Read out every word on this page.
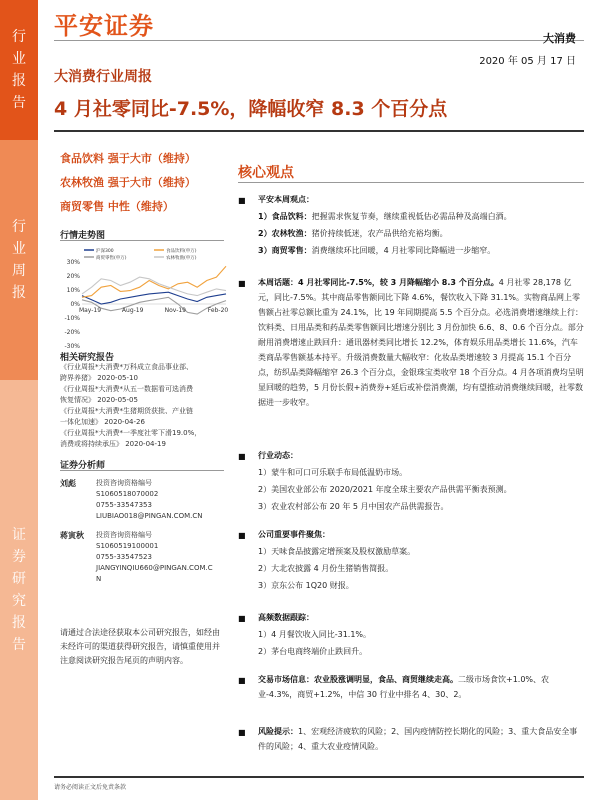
行
业
报
告
行
业
周
报
证
券
研
究
报
告
平安证券	大消费
2020 年 05 月 17 日
大消费行业周报
4 月社零同比-7.5%，降幅收窄 8.3 个百分点
食品饮料 强于大市（维持）
农林牧渔 强于大市（维持）
商贸零售 中性（维持）
行情走势图
沪深300	食品饮料(申万)
商贸零售(申万)	农林牧渔(申万)
30%
20%
10%
0%
-10%
-20%
-30%
May-19	Aug-19	Nov-19	Feb-20
相关研究报告
《行业周报*大消费*万科成立食品事业部、
跨界养猪》 2020-05-10
《行业周报*大消费*从五一数据看可选消费
恢复情况》 2020-05-05
《行业周报*大消费*生猪期货获批、产业链
一体化加速》 2020-04-26
《行业周报*大消费*一季度社零下滑19.0%，
消费或将持续承压》 2020-04-19
证券分析师
刘彪	投资咨询资格编号
S1060518070002
0755-33547353
LIUBIAO018@PINGAN.COM.CN
蒋寅秋 投资咨询资格编号
S1060519100001
0755-33547523
JIANGYINQIU660@PINGAN.COM.C
N
请通过合法途径获取本公司研究报告，如经由未经许可的渠道获得研究报告，请慎重使用并注意阅读研究报告尾页的声明内容。
核心观点
■ 平安本周观点：
1）食品饮料：把握需求恢复节奏，继续重视低估必需品种及高端白酒。
2）农林牧渔：猪价持续低迷，农产品供给充裕均衡。
3）商贸零售：消费继续环比回暖，4 月社零同比降幅进一步缩窄。
■ 本周话题：4 月社零同比-7.5%，较 3 月降幅缩小 8.3 个百分点。4 月社零 28,178 亿元，同比-7.5%。其中商品零售额同比下降 4.6%，餐饮收入下降 31.1%。实物商品网上零售额占社零总额比重为 24.1%，比 19 年同期提高 5.5 个百分点。必选消费增速继续上行：饮料类、日用品类和药品类零售额同比增速分别比 3 月份加快 6.6、8、0.6 个百分点。部分耐用消费增速止跌回升：通讯器材类同比增长 12.2%，体育娱乐用品类增长 11.6%，汽车类商品零售额基本持平。升级消费数量大幅收窄：化妆品类增速较 3 月提高 15.1 个百分点，纺织品类降幅缩窄 26.3 个百分点，金银珠宝类收窄 18 个百分点。4 月各项消费均呈明显回暖的趋势，5 月份长假+消费券+延后或补偿消费潮，均有望推动消费继续回暖，社零数据进一步收窄。
■ 行业动态：
1）蒙牛和可口可乐联手布局低温奶市场。
2）美国农业部公布 2020/2021 年度全球主要农产品供需平衡表预测。
3）农业农村部公布 20 年 5 月中国农产品供需报告。
■ 公司重要事件聚焦：
1）天味食品披露定增预案及股权激励草案。
2）大北农披露 4 月份生猪销售简报。
3）京东公布 1Q20 财报。
■ 高频数据跟踪：
1）4 月餐饮收入同比-31.1%。
2）茅台电商终端价止跌回升。
■ 交易市场信息：农业股涨调明显，食品、商贸继续走高。二级市场食饮+1.0%、农业-4.3%，商贸+1.2%，中信 30 行业中排名 4、30、2。
■ 风险提示：1、宏观经济疲软的风险；2、国内疫情防控长期化的风险；3、重大食品安全事件的风险；4、重大农业疫情风险。
请务必阅读正文后免责条款
